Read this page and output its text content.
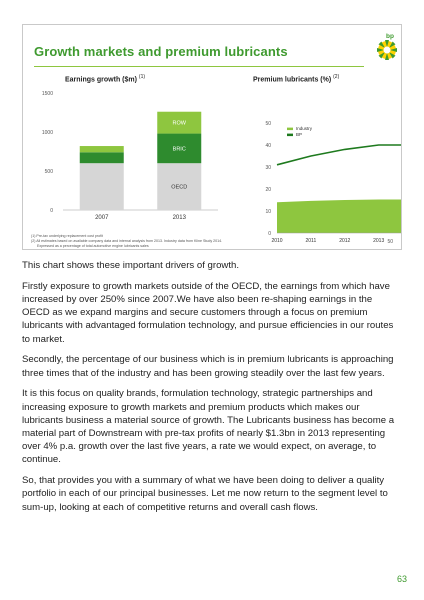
Growth markets and premium lubricants
bp
Earnings growth ($m) $^{(1)}$	Premium lubricants (%) $^{(2)}$
0
500
1000
1500
2007
OECD
BRIC
ROW
2013
0
10
20
30
40
50
2010	2011	2012	2013
Industry
BP
(1) Pre-tax underlying replacement cost profit
(2) All estimates based on available company data and internal analysis from 2013. Industry data from Kline Study 2014.
Expressed as a percentage of total automotive engine lubricants sales
50

This chart shows these important drivers of growth.

Firstly exposure to growth markets outside of the OECD, the earnings from which have increased by over 250% since 2007.We have also been re-shaping earnings in the OECD as we expand margins and secure customers through a focus on premium lubricants with advantaged formulation technology, and pursue efficiencies in our routes to market.

Secondly, the percentage of our business which is in premium lubricants is approaching three times that of the industry and has been growing steadily over the last few years.

It is this focus on quality brands, formulation technology, strategic partnerships and increasing exposure to growth markets and premium products which makes our lubricants business a material source of growth. The Lubricants business has become a material part of Downstream with pre-tax profits of nearly $1.3bn in 2013 representing over 4% p.a. growth over the last five years, a rate we would expect, on average, to continue.

So, that provides you with a summary of what we have been doing to deliver a quality portfolio in each of our principal businesses. Let me now return to the segment level to sum-up, looking at each of competitive returns and overall cash flows.

63
